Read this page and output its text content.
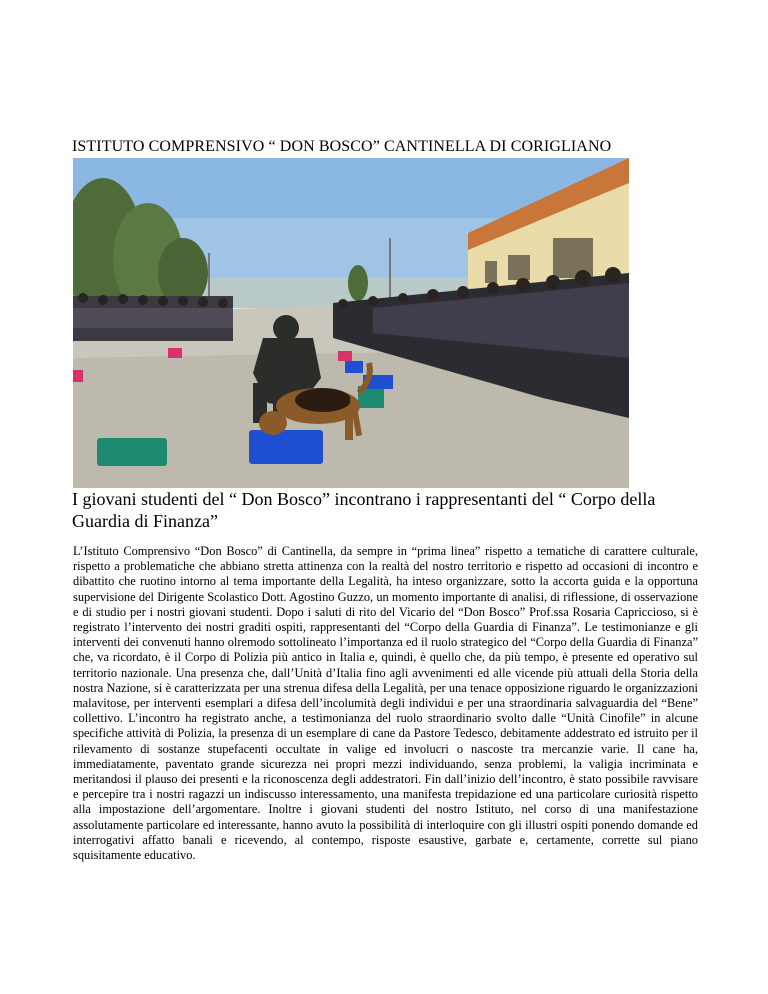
ISTITUTO COMPRENSIVO “ DON BOSCO” CANTINELLA DI CORIGLIANO
I giovani studenti del “ Don Bosco” incontrano i rappresentanti del “ Corpo della Guardia di Finanza”

L’Istituto Comprensivo “Don Bosco” di Cantinella, da sempre in “prima linea” rispetto a tematiche di carattere culturale, rispetto a problematiche che abbiano stretta attinenza con la realtà del nostro territorio e rispetto ad occasioni di incontro e dibattito che ruotino intorno al tema importante della Legalità, ha inteso organizzare, sotto la accorta guida e la opportuna supervisione del Dirigente Scolastico Dott. Agostino Guzzo, un momento importante di analisi, di riflessione, di osservazione e di studio per i nostri giovani studenti. Dopo i saluti di rito del Vicario del “Don Bosco” Prof.ssa Rosaria Capriccioso, si è registrato l’intervento dei nostri graditi ospiti, rappresentanti del “Corpo della Guardia di Finanza”. Le testimonianze e gli interventi dei convenuti hanno olremodo sottolineato l’importanza ed il ruolo strategico del “Corpo della Guardia di Finanza” che, va ricordato, è il Corpo di Polizia più antico in Italia e, quindi, è quello che, da più tempo, è presente ed operativo sul territorio nazionale. Una presenza che, dall’Unità d’Italia fino agli avvenimenti ed alle vicende più attuali della Storia della nostra Nazione, si è caratterizzata per una strenua difesa della Legalità, per una tenace opposizione riguardo le organizzazioni malavitose, per interventi esemplari a difesa dell’incolumità degli individui e per una straordinaria salvaguardia del “Bene” collettivo. L’incontro ha registrato anche, a testimonianza del ruolo straordinario svolto dalle “Unità Cinofile” in alcune specifiche attività di Polizia, la presenza di un esemplare di cane da Pastore Tedesco, debitamente addestrato ed istruito per il rilevamento di sostanze stupefacenti occultate in valige ed involucri o nascoste tra mercanzie varie. Il cane ha, immediatamente, paventato grande sicurezza nei propri mezzi individuando, senza problemi, la valigia incriminata e meritandosi il plauso dei presenti e la riconoscenza degli addestratori. Fin dall’inizio dell’incontro, è stato possibile ravvisare e percepire tra i nostri ragazzi un indiscusso interessamento, una manifesta trepidazione ed una particolare curiosità rispetto alla impostazione dell’argomentare. Inoltre i giovani studenti del nostro Istituto, nel corso di una manifestazione assolutamente particolare ed interessante, hanno avuto la possibilità di interloquire con gli illustri ospiti ponendo domande ed interrogativi affatto banali e ricevendo, al contempo, risposte esaustive, garbate e, certamente, corrette sul piano squisitamente educativo.
